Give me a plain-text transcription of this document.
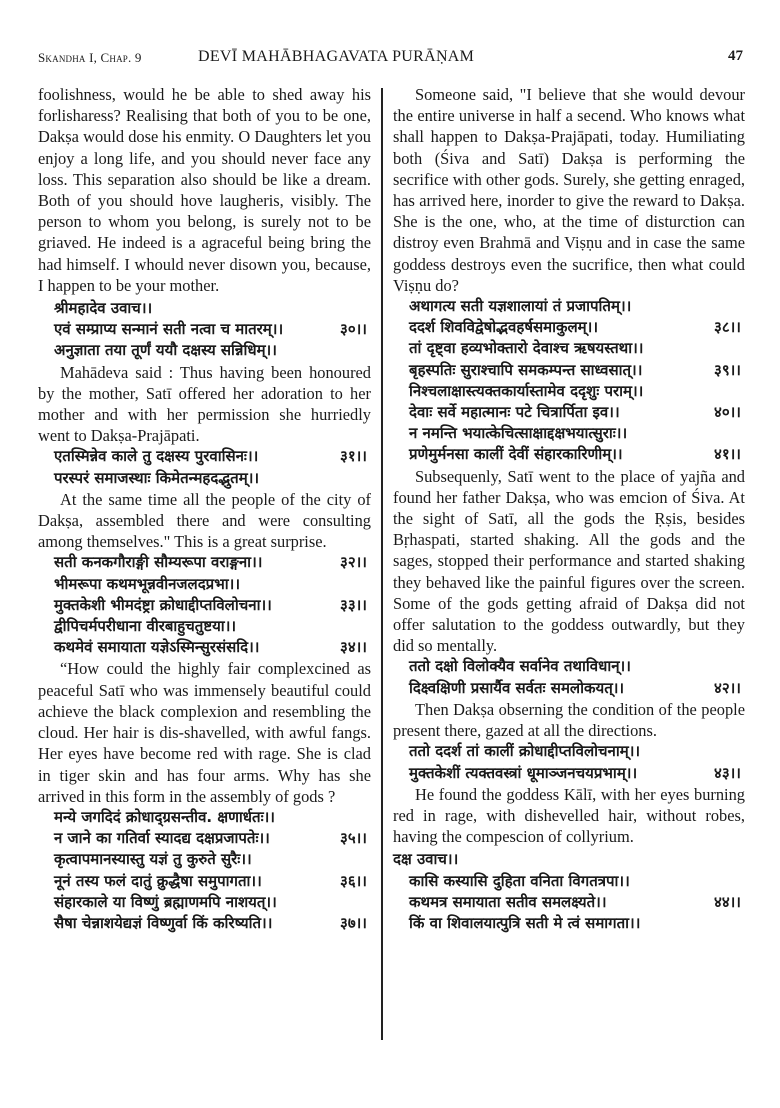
Skandha I, Chap. 9	DEVĪ MAHĀBHAGAVATA PURĀṆAM	47

foolishness, would he be able to shed away his forlisharess? Realising that both of you to be one, Dakṣa would dose his enmity. O Daughters let you enjoy a long life, and you should never face any loss. This separation also should be like a dream. Both of you should hove laugheris, visibly. The person to whom you belong, is surely not to be griaved. He indeed is a agraceful being bring the had himself. I whould never disown you, because, I happen to be your mother.

श्रीमहादेव उवाच।।
एवं सम्प्राप्य सन्मानं सती नत्वा च मातरम्।।	३०।।
अनुज्ञाता तया तूर्णं ययौ दक्षस्य सन्निधिम्।।

Mahādeva said : Thus having been honoured by the mother, Satī offered her adoration to her mother and with her permission she hurriedly went to Dakṣa-Prajāpati.

एतस्मिन्नेव काले तु दक्षस्य पुरवासिनः।।	३१।।
परस्परं समाजस्थाः किमेतन्महदद्भुतम्।।

At the same time all the people of the city of Dakṣa, assembled there and were consulting among themselves." This is a great surprise.

सती कनकगौराङ्गी सौम्यरूपा वराङ्गना।।	३२।।
भीमरूपा कथमभून्नवीनजलदप्रभा।।
मुक्तकेशी भीमदंष्ट्रा क्रोधाद्दीप्तविलोचना।।	३३।।
द्वीपिचर्मपरीधाना वीरबाहुचतुष्टया।।
कथमेवं समायाता यज्ञेऽस्मिन्सुरसंसदि।।	३४।।

“How could the highly fair complexcined as peaceful Satī who was immensely beautiful could achieve the black complexion and resembling the cloud. Her hair is dis-shavelled, with awful fangs. Her eyes have become red with rage. She is clad in tiger skin and has four arms. Why has she arrived in this form in the assembly of gods ?

मन्ये जगदिदं क्रोधाद्ग्रसन्तीव. क्षणार्धतः।।
न जाने का गतिर्वा स्यादद्य दक्षप्रजापतेः।।	३५।।
कृत्वापमानस्यास्तु यज्ञं तु कुरुते सुरैः।।
नूनं तस्य फलं दातुं क्रुद्धैषा समुपागता।।	३६।।
संहारकाले या विष्णुं ब्रह्माणमपि नाशयत्।।
सैषा चेन्नाशयेद्यज्ञं विष्णुर्वा किं करिष्यति।।	३७।।

Someone said, "I believe that she would devour the entire universe in half a secend. Who knows what shall happen to Dakṣa-Prajāpati, today. Humiliating both (Śiva and Satī) Dakṣa is performing the secrifice with other gods. Surely, she getting enraged, has arrived here, inorder to give the reward to Dakṣa. She is the one, who, at the time of disturction can distroy even Brahmā and Viṣṇu and in case the same goddess destroys even the sucrifice, then what could Viṣṇu do?

अथागत्य सती यज्ञशालायां तं प्रजापतिम्।।
ददर्श शिवविद्वेषोद्भवहर्षसमाकुलम्।।	३८।।
तां दृष्ट्वा हव्यभोक्तारो देवाश्च ऋषयस्तथा।।
बृहस्पतिः सुराश्चापि समकम्पन्त साध्वसात्।।	३९।।
निश्चलाक्षास्त्यक्तकार्यास्तामेव ददृशुः पराम्।।
देवाः सर्वे महात्मानः पटे चित्रार्पिता इव।।	४०।।
न नमन्ति भयात्केचित्साक्षाद्दक्षभयात्सुराः।।
प्रणेमुर्मनसा कालीं देवीं संहारकारिणीम्।।	४१।।

Subsequenly, Satī went to the place of yajña and found her father Dakṣa, who was emcion of Śiva. At the sight of Satī, all the gods the Ṛṣis, besides Bṛhaspati, started shaking. All the gods and the sages, stopped their performance and started shaking they behaved like the painful figures over the screen. Some of the gods getting afraid of Dakṣa did not offer salutation to the goddess outwardly, but they did so mentally.

ततो दक्षो विलोक्यैव सर्वानेव तथाविधान्।।
दिक्ष्वक्षिणी प्रसार्यैव सर्वतः समलोकयत्।।	४२।।

Then Dakṣa obserning the condition of the people present there, gazed at all the directions.

ततो ददर्श तां कालीं क्रोधाद्दीप्तविलोचनाम्।।
मुक्तकेशीं त्यक्तवस्त्रां धूमाञ्जनचयप्रभाम्।।	४३।।

He found the goddess Kālī, with her eyes burning red in rage, with dishevelled hair, without robes, having the compescion of collyrium.

दक्ष उवाच।।
कासि कस्यासि दुहिता वनिता विगतत्रपा।।
कथमत्र समायाता सतीव समलक्ष्यते।।	४४।।
किं वा शिवालयात्पुत्रि सती मे त्वं समागता।।
